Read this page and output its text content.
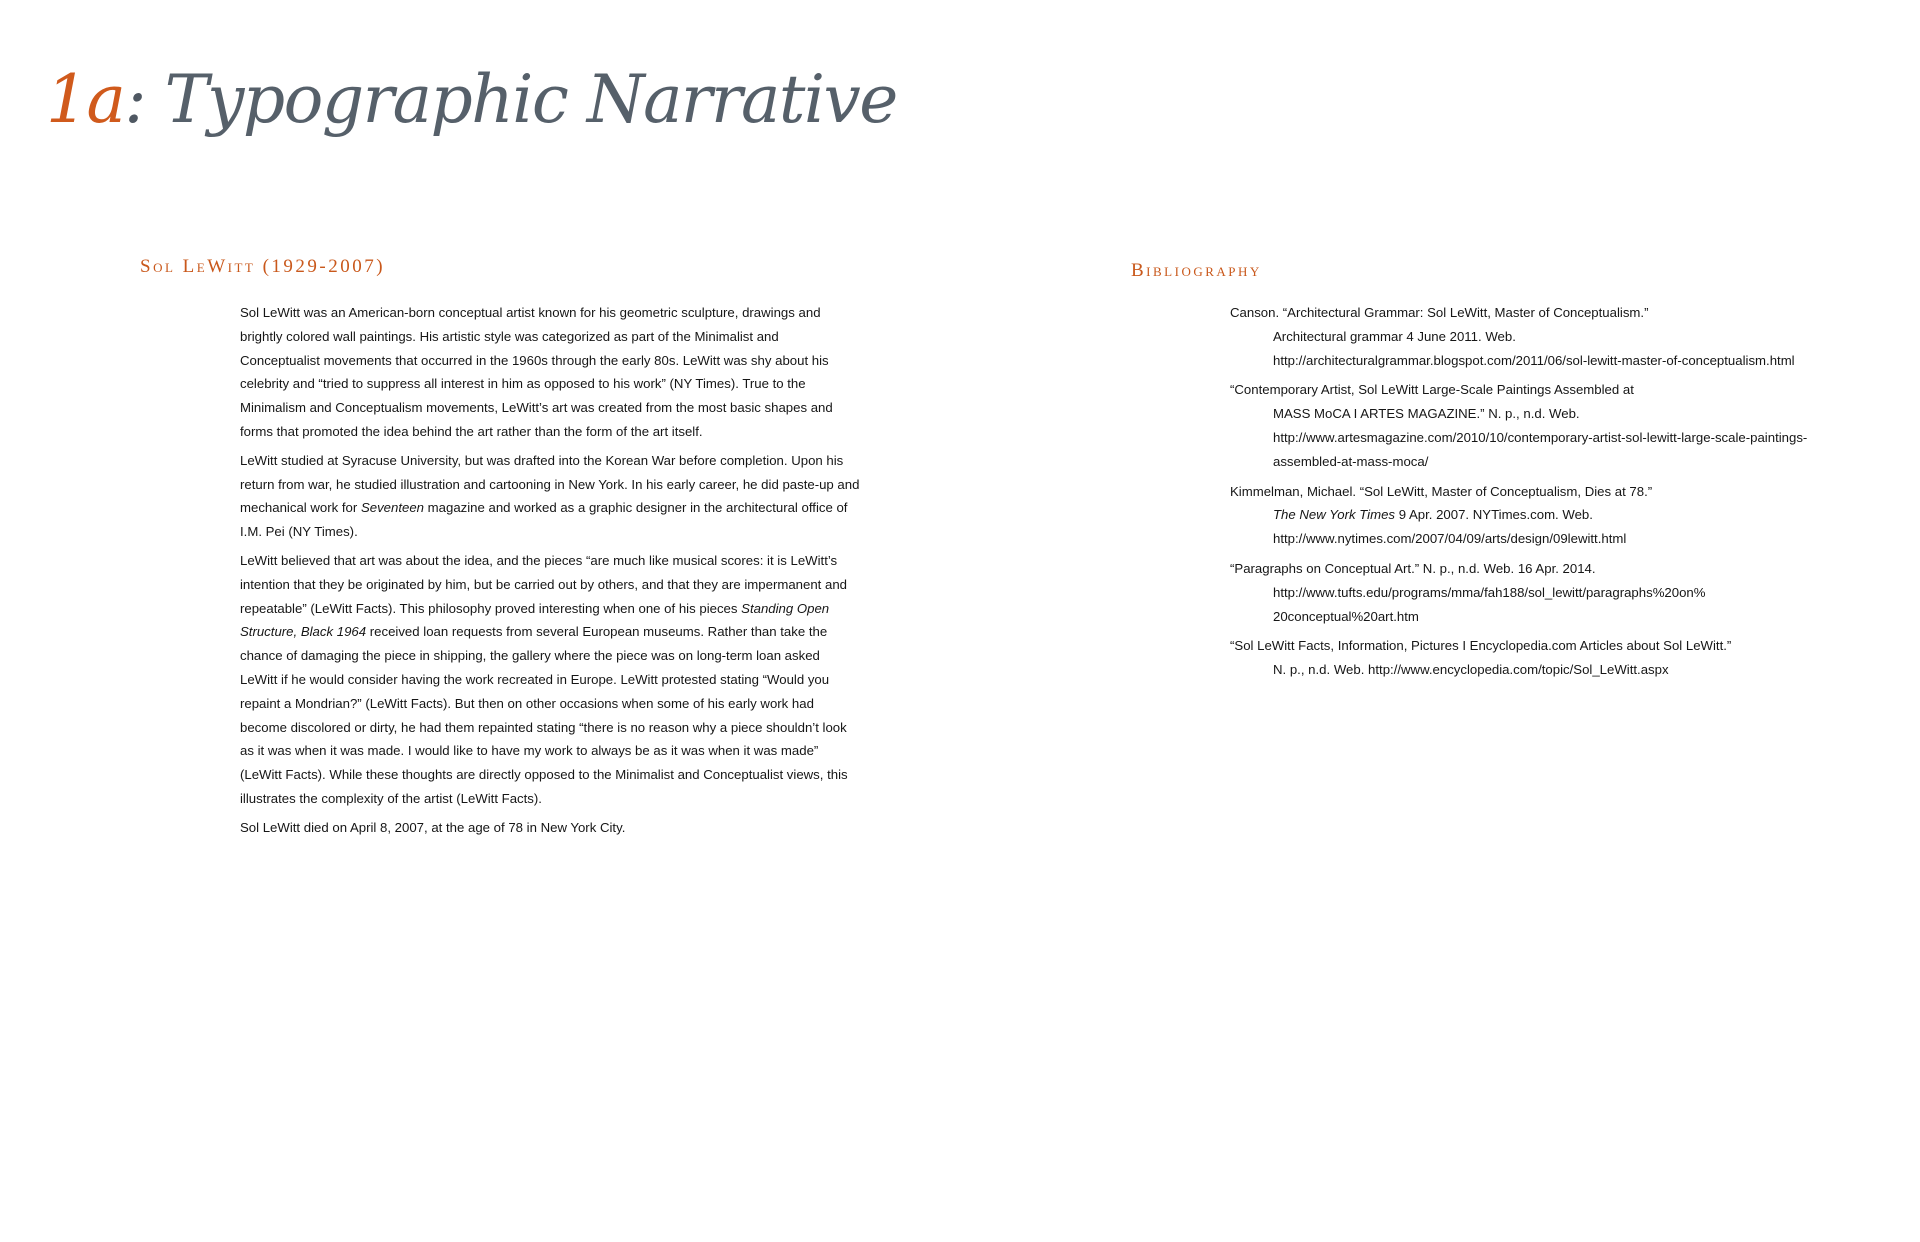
1a: Typographic Narrative
Sol LeWitt (1929-2007)

Sol LeWitt was an American-born conceptual artist known for his geometric sculpture, drawings and brightly colored wall paintings. His artistic style was categorized as part of the Minimalist and Conceptualist movements that occurred in the 1960s through the early 80s. LeWitt was shy about his celebrity and “tried to suppress all interest in him as opposed to his work” (NY Times). True to the Minimalism and Conceptualism movements, LeWitt’s art was created from the most basic shapes and forms that promoted the idea behind the art rather than the form of the art itself.

LeWitt studied at Syracuse University, but was drafted into the Korean War before completion. Upon his return from war, he studied illustration and cartooning in New York. In his early career, he did paste-up and mechanical work for Seventeen magazine and worked as a graphic designer in the architectural office of I.M. Pei (NY Times).

LeWitt believed that art was about the idea, and the pieces “are much like musical scores: it is LeWitt’s intention that they be originated by him, but be carried out by others, and that they are impermanent and repeatable” (LeWitt Facts). This philosophy proved interesting when one of his pieces Standing Open Structure, Black 1964 received loan requests from several European museums. Rather than take the chance of damaging the piece in shipping, the gallery where the piece was on long-term loan asked LeWitt if he would consider having the work recreated in Europe. LeWitt protested stating “Would you repaint a Mondrian?” (LeWitt Facts). But then on other occasions when some of his early work had become discolored or dirty, he had them repainted stating “there is no reason why a piece shouldn’t look as it was when it was made. I would like to have my work to always be as it was when it was made” (LeWitt Facts). While these thoughts are directly opposed to the Minimalist and Conceptualist views, this illustrates the complexity of the artist (LeWitt Facts).

Sol LeWitt died on April 8, 2007, at the age of 78 in New York City.

Bibliography
Canson. “Architectural Grammar: Sol LeWitt, Master of Conceptualism.”
Architectural grammar 4 June 2011. Web.
http://architecturalgrammar.blogspot.com/2011/06/sol-lewitt-master-of-conceptualism.html
“Contemporary Artist, Sol LeWitt Large-Scale Paintings Assembled at
MASS MoCA I ARTES MAGAZINE.” N. p., n.d. Web.
http://www.artesmagazine.com/2010/10/contemporary-artist-sol-lewitt-large-scale-paintings-
assembled-at-mass-moca/
Kimmelman, Michael. “Sol LeWitt, Master of Conceptualism, Dies at 78.”
The New York Times 9 Apr. 2007. NYTimes.com. Web.
http://www.nytimes.com/2007/04/09/arts/design/09lewitt.html
“Paragraphs on Conceptual Art.” N. p., n.d. Web. 16 Apr. 2014.
http://www.tufts.edu/programs/mma/fah188/sol_lewitt/paragraphs%20on%
20conceptual%20art.htm
“Sol LeWitt Facts, Information, Pictures I Encyclopedia.com Articles about Sol LeWitt.”
N. p., n.d. Web. http://www.encyclopedia.com/topic/Sol_LeWitt.aspx
